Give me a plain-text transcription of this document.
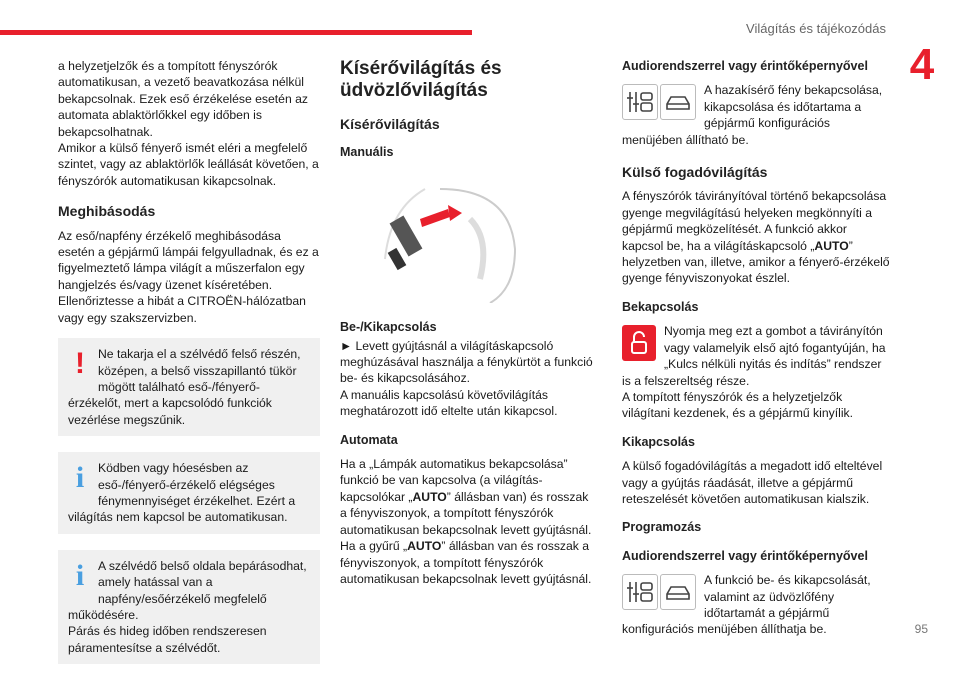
Világítás és tájékozódás
4
95

a helyzetjelzők és a tompított fényszórók automatikusan, a vezető beavatkozása nélkül bekapcsolnak. Ezek eső érzékelése esetén az automata ablaktörlőkkel egy időben is bekapcsolhatnak.

Amikor a külső fényerő ismét eléri a megfelelő szintet, vagy az ablaktörlők leállását követően, a fényszórók automatikusan kikapcsolnak.

Meghibásodás

Az eső/napfény érzékelő meghibásodása esetén a gépjármű lámpái felgyulladnak, és ez a figyelmeztető lámpa világít a műszerfalon egy hangjelzés és/vagy üzenet kíséretében.

Ellenőriztesse a hibát a CITROËN-hálózatban vagy egy szakszervizben.

!	Ne takarja el a szélvédő felső részén, középen, a belső visszapillantó tükör mögött található eső-/fényerő-érzékelőt, mert a kapcsolódó funkciók vezérlése megszűnik.
i	Ködben vagy hóesésben az eső-/fényerő-érzékelő elégséges fénymennyiséget érzékelhet. Ezért a világítás nem kapcsol be automatikusan.
i	A szélvédő belső oldala bepárásodhat, amely hatással van a napfény/esőérzékelő megfelelő működésére.
Párás és hideg időben rendszeresen páramentesítse a szélvédőt.
Kísérővilágítás és üdvözlővilágítás
Kísérővilágítás
Manuális
Be-/Kikapcsolás

► Levett gyújtásnál a világításkapcsoló meghúzásával használja a fénykürtöt a funkció be- és kikapcsolásához.

A manuális kapcsolású követővilágítás meghatározott idő eltelte után kikapcsol.

Automata

Ha a „Lámpák automatikus bekapcsolása” funkció be van kapcsolva (a világítás-kapcsolókar „AUTO” állásban van) és rosszak a fényviszonyok, a tompított fényszórók automatikusan bekapcsolnak levett gyújtásnál.
Ha a gyűrű „AUTO” állásban van és rosszak a fényviszonyok, a tompított fényszórók automatikusan bekapcsolnak levett gyújtásnál.

Audiorendszerrel vagy érintőképernyővel

A hazakísérő fény bekapcsolása, kikapcsolása és időtartama a gépjármű konfigurációs menüjében állítható be.

Külső fogadóvilágítás

A fényszórók távirányítóval történő bekapcsolása gyenge megvilágítású helyeken megkönnyíti a gépjármű megközelítését. A funkció akkor kapcsol be, ha a világításkapcsoló „AUTO” helyzetben van, illetve, amikor a fényerő-érzékelő gyenge fényviszonyokat észlel.

Bekapcsolás

Nyomja meg ezt a gombot a távirányítón vagy valamelyik első ajtó fogantyúján, ha „Kulcs nélküli nyitás és indítás” rendszer is a felszereltség része.

A tompított fényszórók és a helyzetjelzők világítani kezdenek, és a gépjármű kinyílik.

Kikapcsolás

A külső fogadóvilágítás a megadott idő elteltével vagy a gyújtás ráadását, illetve a gépjármű reteszelését követően automatikusan kialszik.

Programozás
Audiorendszerrel vagy érintőképernyővel

A funkció be- és kikapcsolását, valamint az üdvözlőfény időtartamát a gépjármű konfigurációs menüjében állíthatja be.
